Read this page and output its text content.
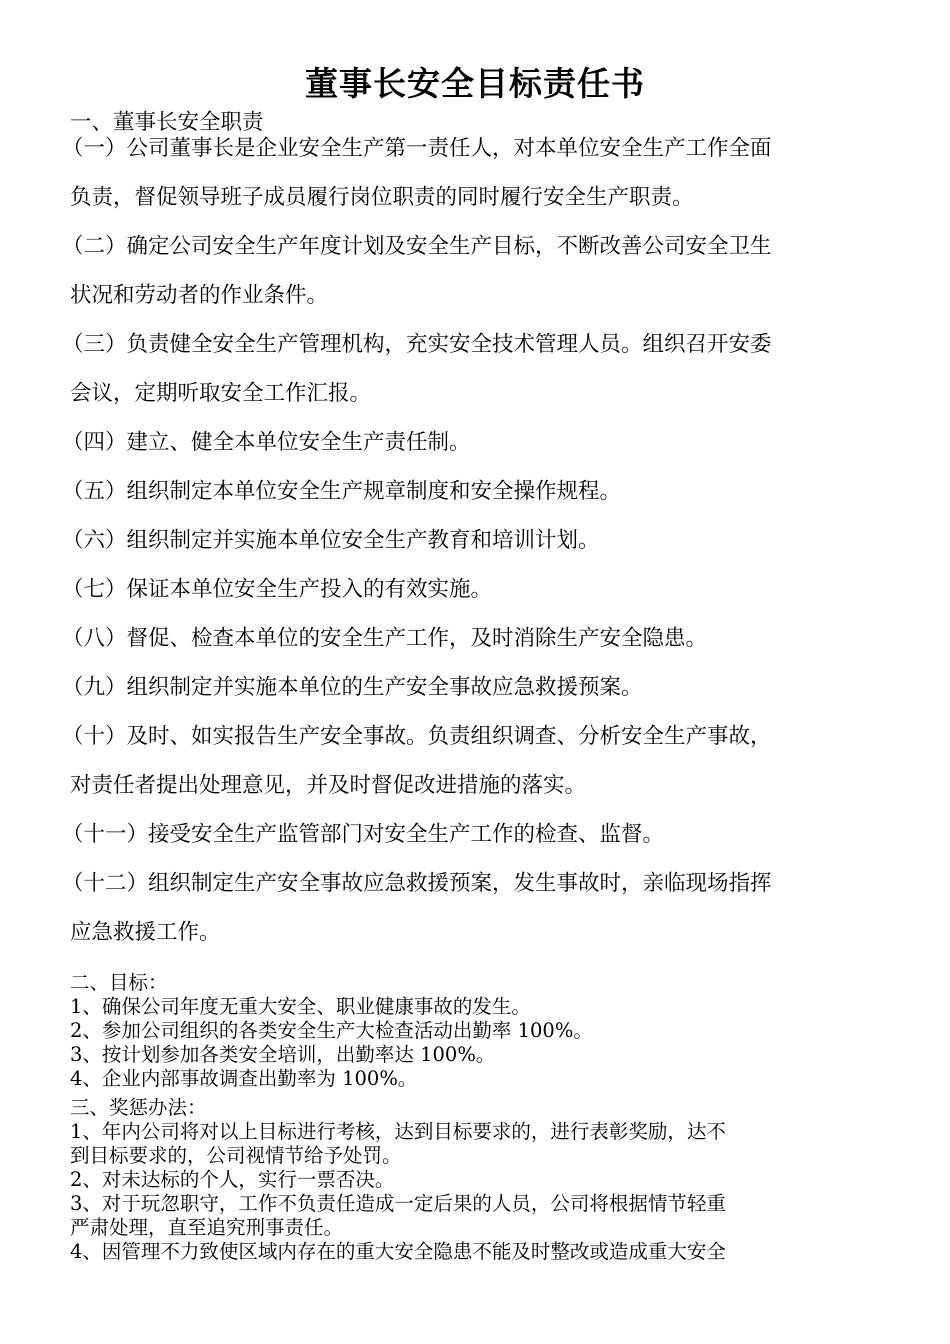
董事长安全目标责任书
一、董事长安全职责
（一）公司董事长是企业安全生产第一责任人，对本单位安全生产工作全面
负责，督促领导班子成员履行岗位职责的同时履行安全生产职责。
（二）确定公司安全生产年度计划及安全生产目标，不断改善公司安全卫生
状况和劳动者的作业条件。
（三）负责健全安全生产管理机构，充实安全技术管理人员。组织召开安委
会议，定期听取安全工作汇报。
（四）建立、健全本单位安全生产责任制。
（五）组织制定本单位安全生产规章制度和安全操作规程。
（六）组织制定并实施本单位安全生产教育和培训计划。
（七）保证本单位安全生产投入的有效实施。
（八）督促、检查本单位的安全生产工作，及时消除生产安全隐患。
（九）组织制定并实施本单位的生产安全事故应急救援预案。
（十）及时、如实报告生产安全事故。负责组织调查、分析安全生产事故，
对责任者提出处理意见，并及时督促改进措施的落实。
（十一）接受安全生产监管部门对安全生产工作的检查、监督。
（十二）组织制定生产安全事故应急救援预案，发生事故时，亲临现场指挥
应急救援工作。
二、目标：
1、确保公司年度无重大安全、职业健康事故的发生。
2、参加公司组织的各类安全生产大检查活动出勤率 100%。
3、按计划参加各类安全培训，出勤率达 100%。
4、企业内部事故调查出勤率为 100%。
三、奖惩办法：
1、年内公司将对以上目标进行考核，达到目标要求的，进行表彰奖励，达不
到目标要求的，公司视情节给予处罚。
2、对未达标的个人，实行一票否决。
3、对于玩忽职守，工作不负责任造成一定后果的人员，公司将根据情节轻重
严肃处理，直至追究刑事责任。
4、因管理不力致使区域内存在的重大安全隐患不能及时整改或造成重大安全
